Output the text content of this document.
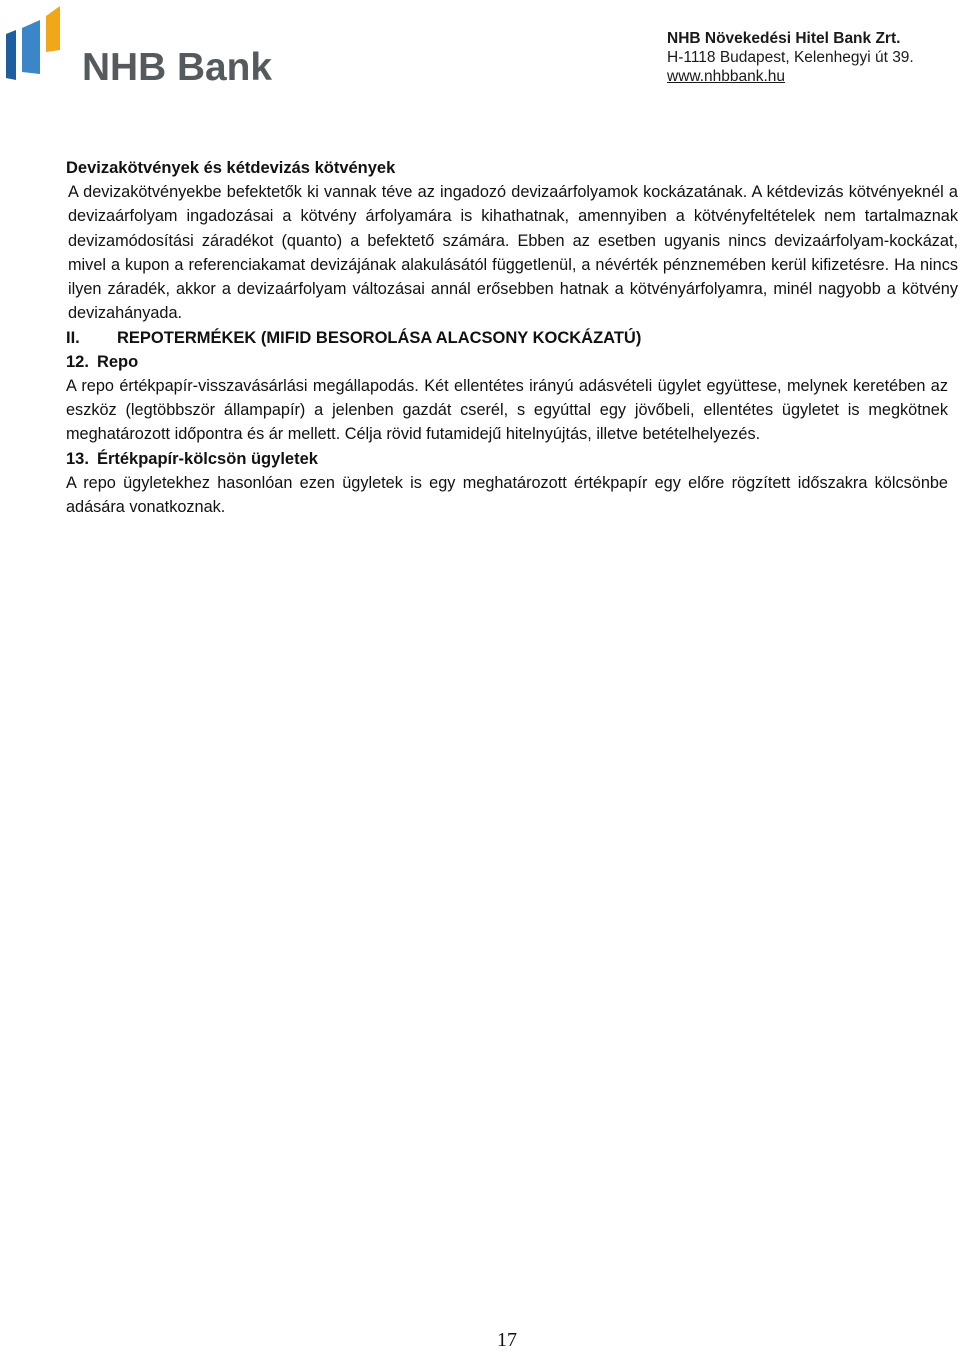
NHB Bank
NHB Növekedési Hitel Bank Zrt.
H-1118 Budapest, Kelenhegyi út 39.
www.nhbbank.hu
Devizakötvények és kétdevizás kötvények

A devizakötvényekbe befektetők ki vannak téve az ingadozó devizaárfolyamok kockázatának. A kétdevizás kötvényeknél a devizaárfolyam ingadozásai a kötvény árfolyamára is kihathatnak, amennyiben a kötvényfeltételek nem tartalmaznak devizamódosítási záradékot (quanto) a befektető számára. Ebben az esetben ugyanis nincs devizaárfolyam-kockázat, mivel a kupon a referenciakamat devizájának alakulásától függetlenül, a névérték pénznemében kerül kifizetésre. Ha nincs ilyen záradék, akkor a devizaárfolyam változásai annál erősebben hatnak a kötvényárfolyamra, minél nagyobb a kötvény devizahányada.

II.	REPOTERMÉKEK (MIFID BESOROLÁSA ALACSONY KOCKÁZATÚ)
12. Repo

A repo értékpapír-visszavásárlási megállapodás. Két ellentétes irányú adásvételi ügylet együttese, melynek keretében az eszköz (legtöbbször állampapír) a jelenben gazdát cserél, s egyúttal egy jövőbeli, ellentétes ügyletet is megkötnek meghatározott időpontra és ár mellett. Célja rövid futamidejű hitelnyújtás, illetve betételhelyezés.

13. Értékpapír-kölcsön ügyletek

A repo ügyletekhez hasonlóan ezen ügyletek is egy meghatározott értékpapír egy előre rögzített időszakra kölcsönbe adására vonatkoznak.

17
